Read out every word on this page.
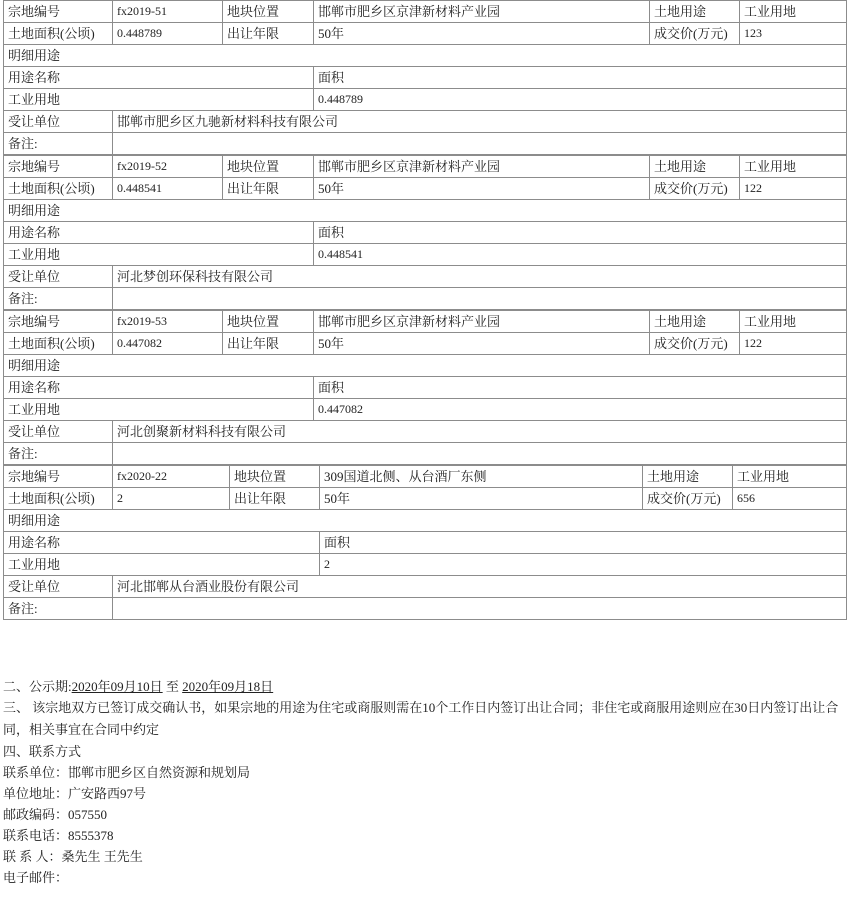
宗地编号	fx2019-51	地块位置	邯郸市肥乡区京津新材料产业园	土地用途	工业用地
土地面积(公顷)	0.448789	出让年限	50年	成交价(万元)	123
明细用途					
用途名称			面积		
工业用地			0.448789		
受让单位	邯郸市肥乡区九驰新材料科技有限公司				
备注:					
宗地编号	fx2019-52	地块位置	邯郸市肥乡区京津新材料产业园	土地用途	工业用地
土地面积(公顷)	0.448541	出让年限	50年	成交价(万元)	122
明细用途					
用途名称			面积		
工业用地			0.448541		
受让单位	河北梦创环保科技有限公司				
备注:					
宗地编号	fx2019-53	地块位置	邯郸市肥乡区京津新材料产业园	土地用途	工业用地
土地面积(公顷)	0.447082	出让年限	50年	成交价(万元)	122
明细用途					
用途名称			面积		
工业用地			0.447082		
受让单位	河北创聚新材料科技有限公司				
备注:					
宗地编号	fx2020-22	地块位置	309国道北侧、从台酒厂东侧	土地用途	工业用地
土地面积(公顷)	2	出让年限	50年	成交价(万元)	656
明细用途					
用途名称			面积		
工业用地			2		
受让单位	河北邯郸从台酒业股份有限公司				
备注:					

二、公示期:2020年09月10日 至 2020年09月18日

三、 该宗地双方已签订成交确认书，如果宗地的用途为住宅或商服则需在10个工作日内签订出让合同；非住宅或商服用途则应在30日内签订出让合同，相关事宜在合同中约定

四、联系方式

联系单位：邯郸市肥乡区自然资源和规划局

单位地址：广安路西97号

邮政编码：057550

联系电话：8555378

联 系 人：桑先生 王先生

电子邮件：
